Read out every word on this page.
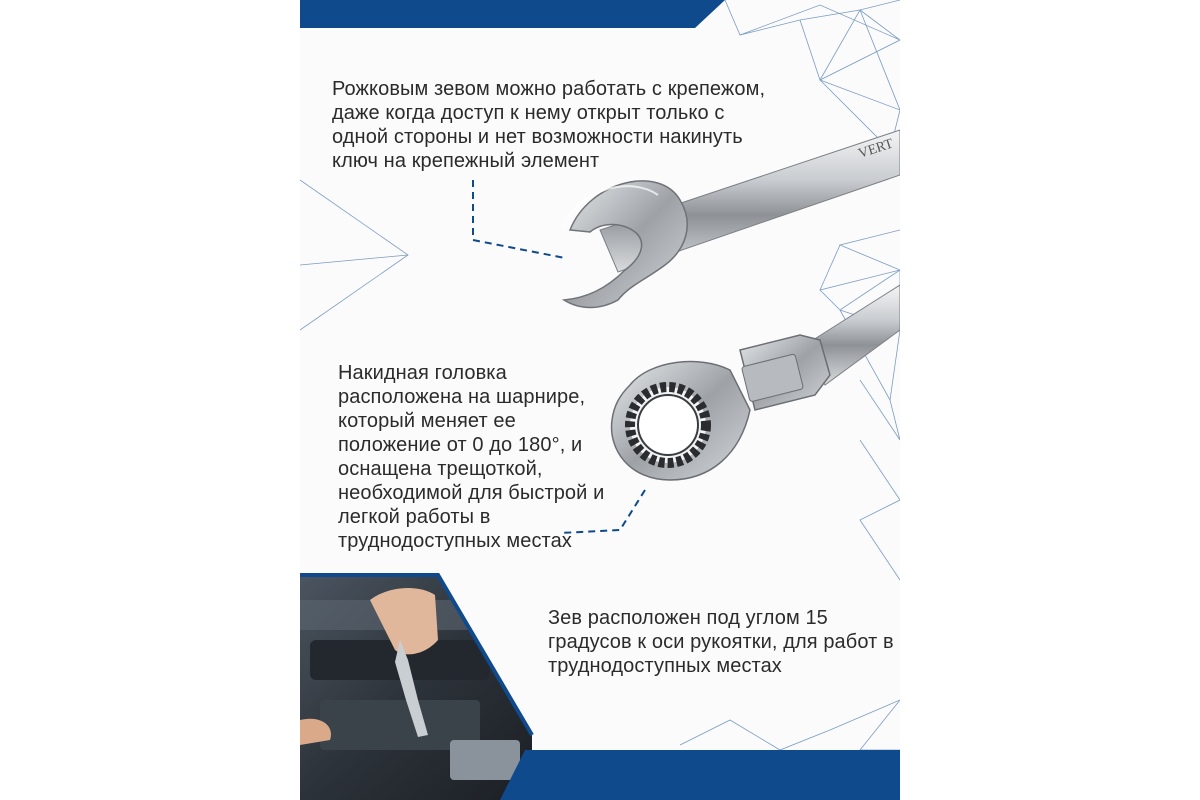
VERT

Рожковым зевом можно работать с крепежом,
даже когда доступ к нему открыт только с
одной стороны и нет возможности накинуть
ключ на крепежный элемент

Накидная головка
расположена на шарнире,
который меняет ее
положение от 0 до 180°, и
оснащена трещоткой,
необходимой для быстрой и
легкой работы в
труднодоступных местах

Зев расположен под углом 15
градусов к оси рукоятки, для работ в
труднодоступных местах
